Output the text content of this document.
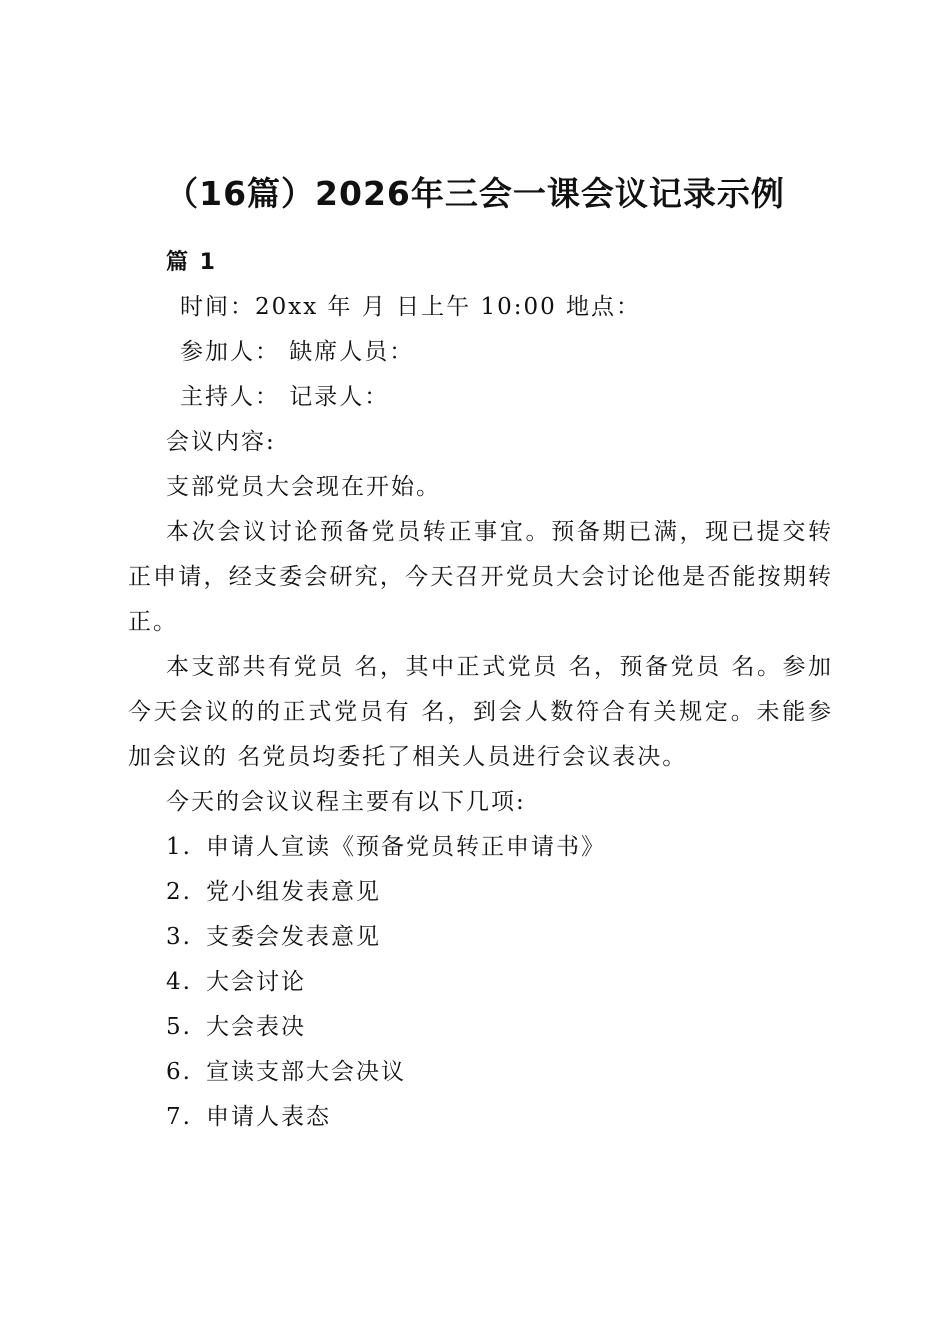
（16篇）2026年三会一课会议记录示例

篇 1

时间：20xx 年 月 日上午 10:00 地点：

参加人： 缺席人员：

主持人： 记录人：

会议内容:

支部党员大会现在开始。

本次会议讨论预备党员转正事宜。预备期已满，现已提交转正申请，经支委会研究，今天召开党员大会讨论他是否能按期转正。

本支部共有党员 名，其中正式党员 名，预备党员 名。参加今天会议的的正式党员有 名，到会人数符合有关规定。未能参加会议的 名党员均委托了相关人员进行会议表决。

今天的会议议程主要有以下几项:

1. 申请人宣读《预备党员转正申请书》

2. 党小组发表意见

3. 支委会发表意见

4. 大会讨论

5. 大会表决

6. 宣读支部大会决议

7. 申请人表态
